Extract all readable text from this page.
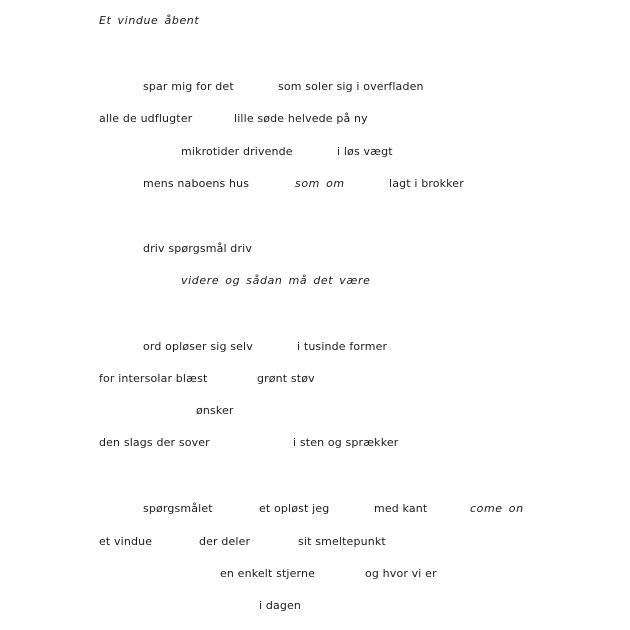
Et vindue åbent
spar mig for det	som soler sig i overfladen
alle de udflugter	lille søde helvede på ny
mikrotider drivende	i løs vægt
mens naboens hus	som om	lagt i brokker
driv spørgsmål driv
videre og sådan må det være
ord opløser sig selv	i tusinde former
for intersolar blæst	grønt støv
ønsker
den slags der sover	i sten og sprækker
spørgsmålet	et opløst jeg	med kant	come on
et vindue	der deler	sit smeltepunkt
en enkelt stjerne	og hvor vi er
i dagen
